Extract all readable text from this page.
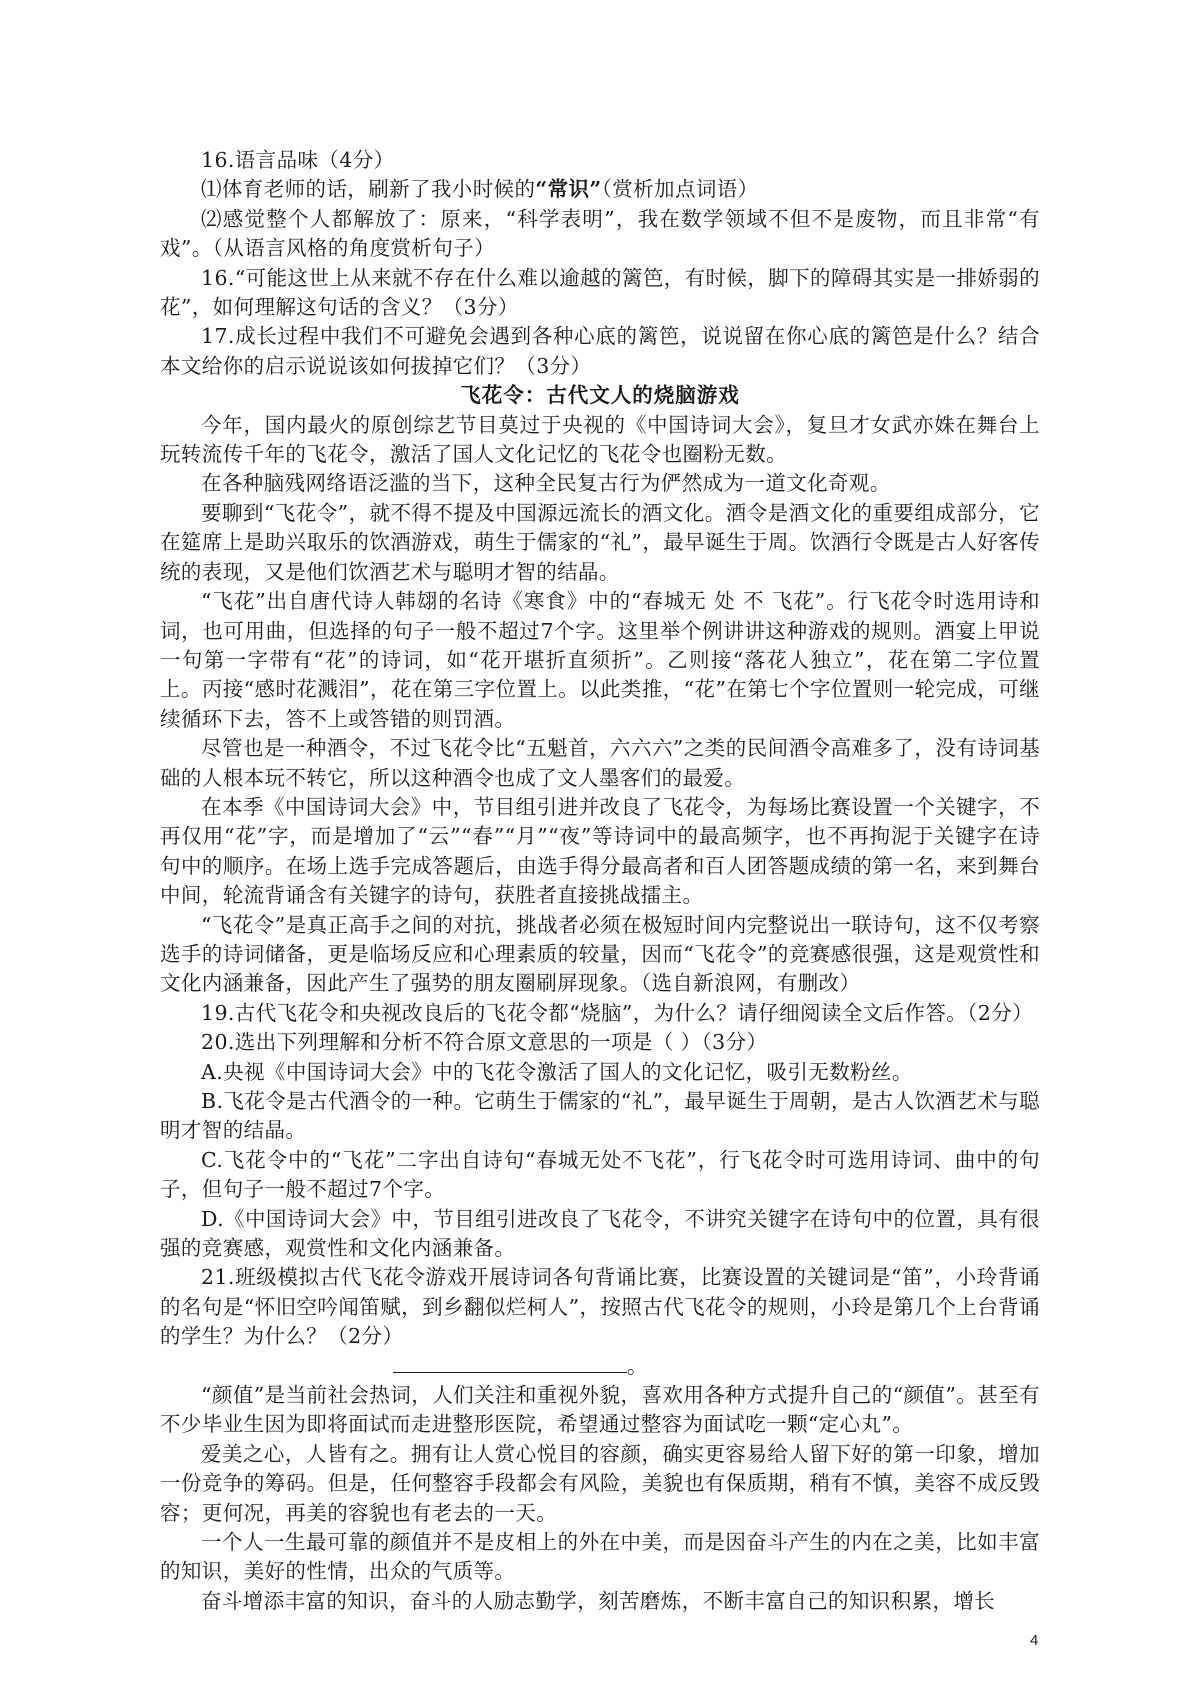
16.语言品味（4分）

⑴体育老师的话，刷新了我小时候的“常识”（赏析加点词语）

⑵感觉整个人都解放了：原来，“科学表明”，我在数学领域不但不是废物，而且非常“有戏”。（从语言风格的角度赏析句子）

16.“可能这世上从来就不存在什么难以逾越的篱笆，有时候，脚下的障碍其实是一排娇弱的花”，如何理解这句话的含义？（3分）

17.成长过程中我们不可避免会遇到各种心底的篱笆，说说留在你心底的篱笆是什么？结合本文给你的启示说说该如何拔掉它们？（3分）

飞花令：古代文人的烧脑游戏

今年，国内最火的原创综艺节目莫过于央视的《中国诗词大会》，复旦才女武亦姝在舞台上玩转流传千年的飞花令，激活了国人文化记忆的飞花令也圈粉无数。

在各种脑残网络语泛滥的当下，这种全民复古行为俨然成为一道文化奇观。

要聊到“飞花令”，就不得不提及中国源远流长的酒文化。酒令是酒文化的重要组成部分，它在筵席上是助兴取乐的饮酒游戏，萌生于儒家的“礼”，最早诞生于周。饮酒行令既是古人好客传统的表现，又是他们饮酒艺术与聪明才智的结晶。

“飞花”出自唐代诗人韩翃的名诗《寒食》中的“春城无 处 不 飞花”。行飞花令时选用诗和词，也可用曲，但选择的句子一般不超过7个字。这里举个例讲讲这种游戏的规则。酒宴上甲说一句第一字带有“花”的诗词，如“花开堪折直须折”。乙则接“落花人独立”，花在第二字位置上。丙接“感时花溅泪”，花在第三字位置上。以此类推，“花”在第七个字位置则一轮完成，可继续循环下去，答不上或答错的则罚酒。

尽管也是一种酒令，不过飞花令比“五魁首，六六六”之类的民间酒令高难多了，没有诗词基础的人根本玩不转它，所以这种酒令也成了文人墨客们的最爱。

在本季《中国诗词大会》中，节目组引进并改良了飞花令，为每场比赛设置一个关键字，不再仅用“花”字，而是增加了“云”“春”“月”“夜”等诗词中的最高频字，也不再拘泥于关键字在诗句中的顺序。在场上选手完成答题后，由选手得分最高者和百人团答题成绩的第一名，来到舞台中间，轮流背诵含有关键字的诗句，获胜者直接挑战擂主。

“飞花令”是真正高手之间的对抗，挑战者必须在极短时间内完整说出一联诗句，这不仅考察选手的诗词储备，更是临场反应和心理素质的较量，因而“飞花令”的竞赛感很强，这是观赏性和文化内涵兼备，因此产生了强势的朋友圈刷屏现象。（选自新浪网，有删改）

19.古代飞花令和央视改良后的飞花令都“烧脑”，为什么？请仔细阅读全文后作答。（2分）

20.选出下列理解和分析不符合原文意思的一项是（ ）（3分）

A.央视《中国诗词大会》中的飞花令激活了国人的文化记忆，吸引无数粉丝。

B.飞花令是古代酒令的一种。它萌生于儒家的“礼”，最早诞生于周朝，是古人饮酒艺术与聪明才智的结晶。

C.飞花令中的“飞花”二字出自诗句“春城无处不飞花”，行飞花令时可选用诗词、曲中的句子，但句子一般不超过7个字。

D.《中国诗词大会》中，节目组引进改良了飞花令，不讲究关键字在诗句中的位置，具有很强的竞赛感，观赏性和文化内涵兼备。

21.班级模拟古代飞花令游戏开展诗词各句背诵比赛，比赛设置的关键词是“笛”，小玲背诵的名句是“怀旧空吟闻笛赋，到乡翻似烂柯人”，按照古代飞花令的规则，小玲是第几个上台背诵的学生？为什么？（2分）

。

“颜值”是当前社会热词，人们关注和重视外貌，喜欢用各种方式提升自己的“颜值”。甚至有不少毕业生因为即将面试而走进整形医院，希望通过整容为面试吃一颗“定心丸”。

爱美之心，人皆有之。拥有让人赏心悦目的容颜，确实更容易给人留下好的第一印象，增加一份竞争的筹码。但是，任何整容手段都会有风险，美貌也有保质期，稍有不慎，美容不成反毁容；更何况，再美的容貌也有老去的一天。

一个人一生最可靠的颜值并不是皮相上的外在中美，而是因奋斗产生的内在之美，比如丰富的知识，美好的性情，出众的气质等。

奋斗增添丰富的知识，奋斗的人励志勤学，刻苦磨炼，不断丰富自己的知识积累，增长

4
